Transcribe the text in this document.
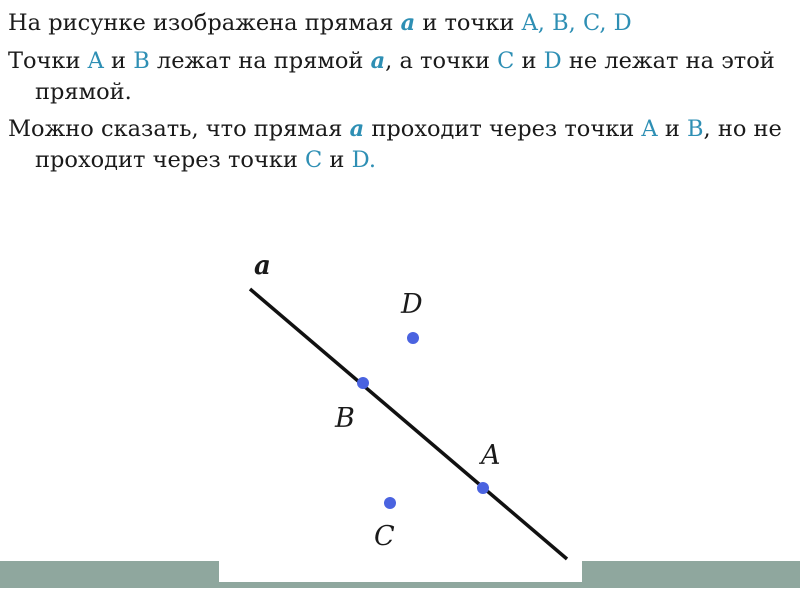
На рисунке изображена прямая a и точки A, B, C, D

Точки A и B лежат на прямой a, а точки C и D не лежат на этой прямой.

Можно сказать, что прямая a проходит через точки A и B, но не проходит через точки C и D.

a
D
B
A
C
